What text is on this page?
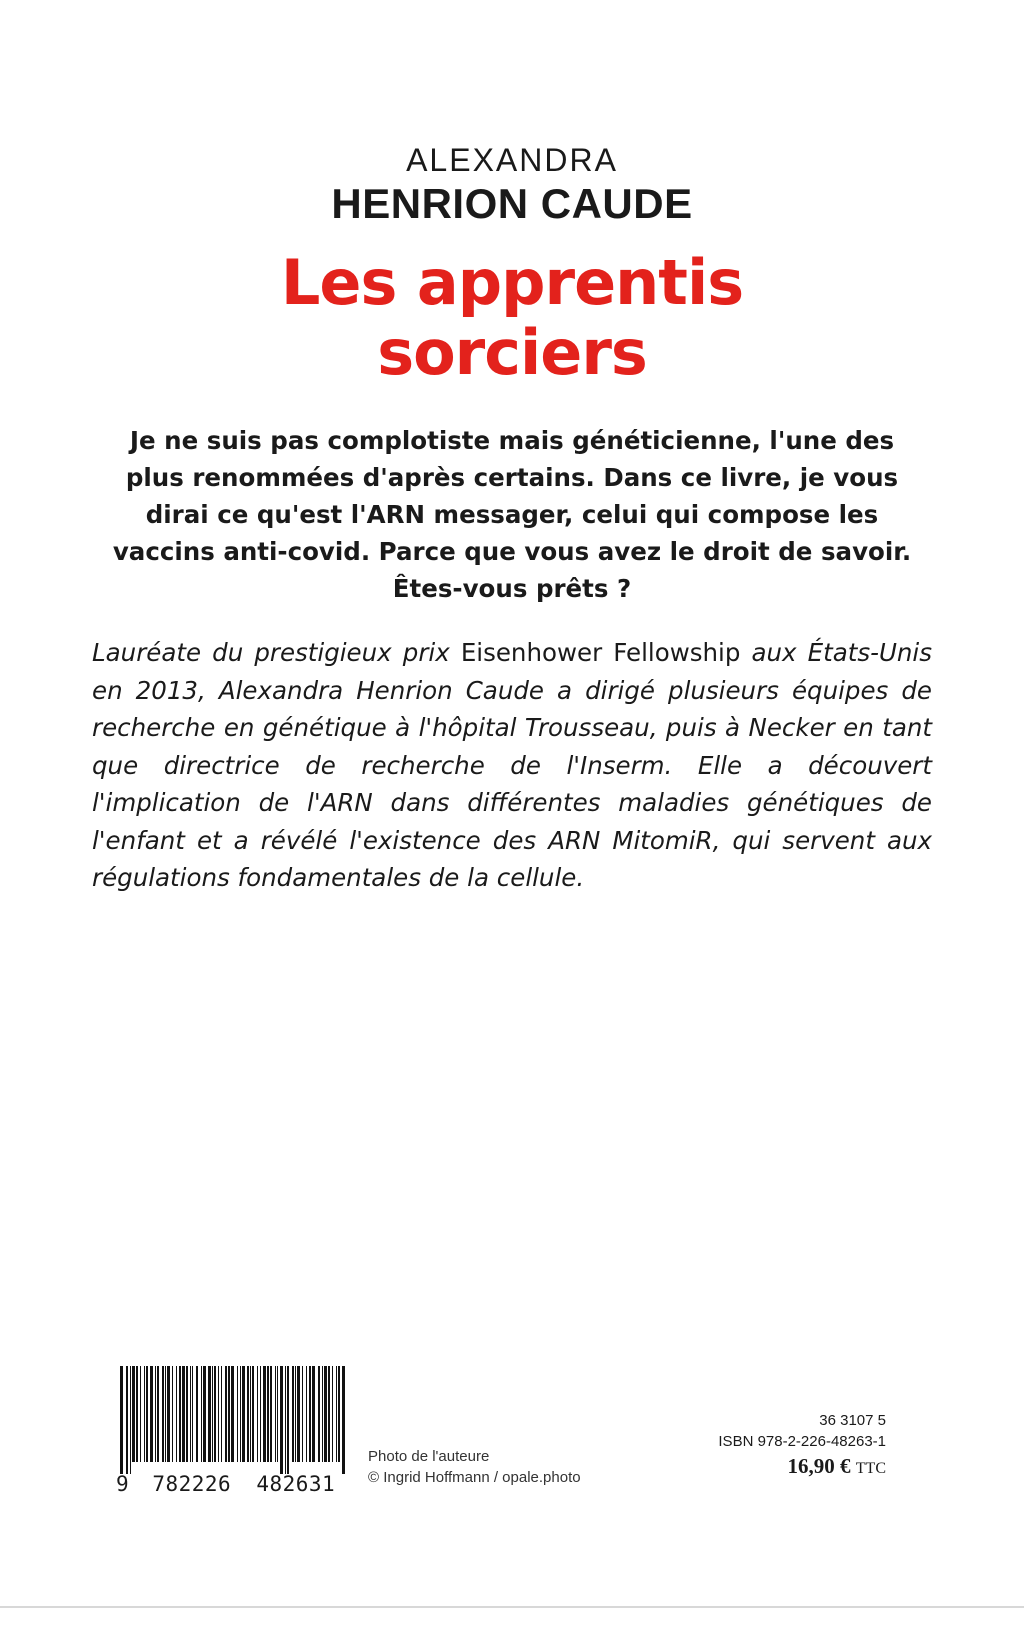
ALEXANDRA
HENRION CAUDE
Les apprentis
sorciers
Je ne suis pas complotiste mais généticienne, l'une des
plus renommées d'après certains. Dans ce livre, je vous
dirai ce qu'est l'ARN messager, celui qui compose les
vaccins anti-covid. Parce que vous avez le droit de savoir.
Êtes-vous prêts ?
Lauréate du prestigieux prix Eisenhower Fellowship aux États-Unis en 2013, Alexandra Henrion Caude a dirigé plusieurs équipes de recherche en génétique à l'hôpital Trousseau, puis à Necker en tant que directrice de recherche de l'Inserm. Elle a découvert l'implication de l'ARN dans différentes maladies génétiques de l'enfant et a révélé l'existence des ARN MitomiR, qui servent aux régulations fondamentales de la cellule.
9 782226 482631
Photo de l'auteure
© Ingrid Hoffmann / opale.photo
36 3107 5
ISBN 978-2-226-48263-1
16,90 € TTC
